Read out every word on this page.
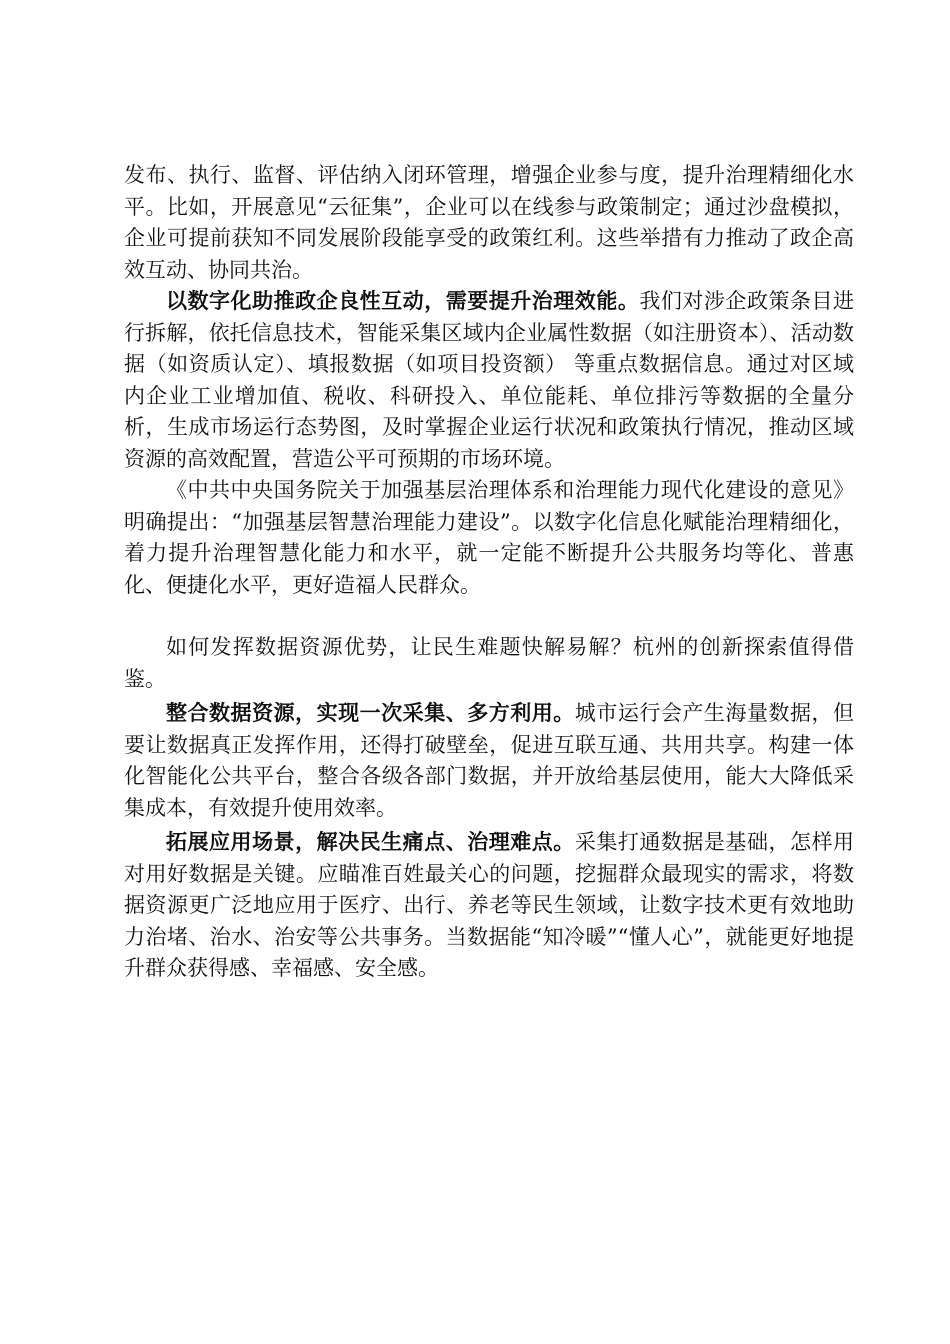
发布、执行、监督、评估纳入闭环管理，增强企业参与度，提升治理精细化水平。比如，开展意见“云征集”，企业可以在线参与政策制定；通过沙盘模拟，企业可提前获知不同发展阶段能享受的政策红利。这些举措有力推动了政企高效互动、协同共治。

以数字化助推政企良性互动，需要提升治理效能。我们对涉企政策条目进行拆解，依托信息技术，智能采集区域内企业属性数据（如注册资本）、活动数据（如资质认定）、填报数据（如项目投资额） 等重点数据信息。通过对区域内企业工业增加值、税收、科研投入、单位能耗、单位排污等数据的全量分析，生成市场运行态势图，及时掌握企业运行状况和政策执行情况，推动区域资源的高效配置，营造公平可预期的市场环境。

《中共中央国务院关于加强基层治理体系和治理能力现代化建设的意见》明确提出：“加强基层智慧治理能力建设”。以数字化信息化赋能治理精细化，着力提升治理智慧化能力和水平，就一定能不断提升公共服务均等化、普惠化、便捷化水平，更好造福人民群众。

如何发挥数据资源优势，让民生难题快解易解？杭州的创新探索值得借鉴。

整合数据资源，实现一次采集、多方利用。城市运行会产生海量数据，但要让数据真正发挥作用，还得打破壁垒，促进互联互通、共用共享。构建一体化智能化公共平台，整合各级各部门数据，并开放给基层使用，能大大降低采集成本，有效提升使用效率。

拓展应用场景，解决民生痛点、治理难点。采集打通数据是基础，怎样用对用好数据是关键。应瞄准百姓最关心的问题，挖掘群众最现实的需求，将数据资源更广泛地应用于医疗、出行、养老等民生领域，让数字技术更有效地助力治堵、治水、治安等公共事务。当数据能“知冷暖”“懂人心”，就能更好地提升群众获得感、幸福感、安全感。
